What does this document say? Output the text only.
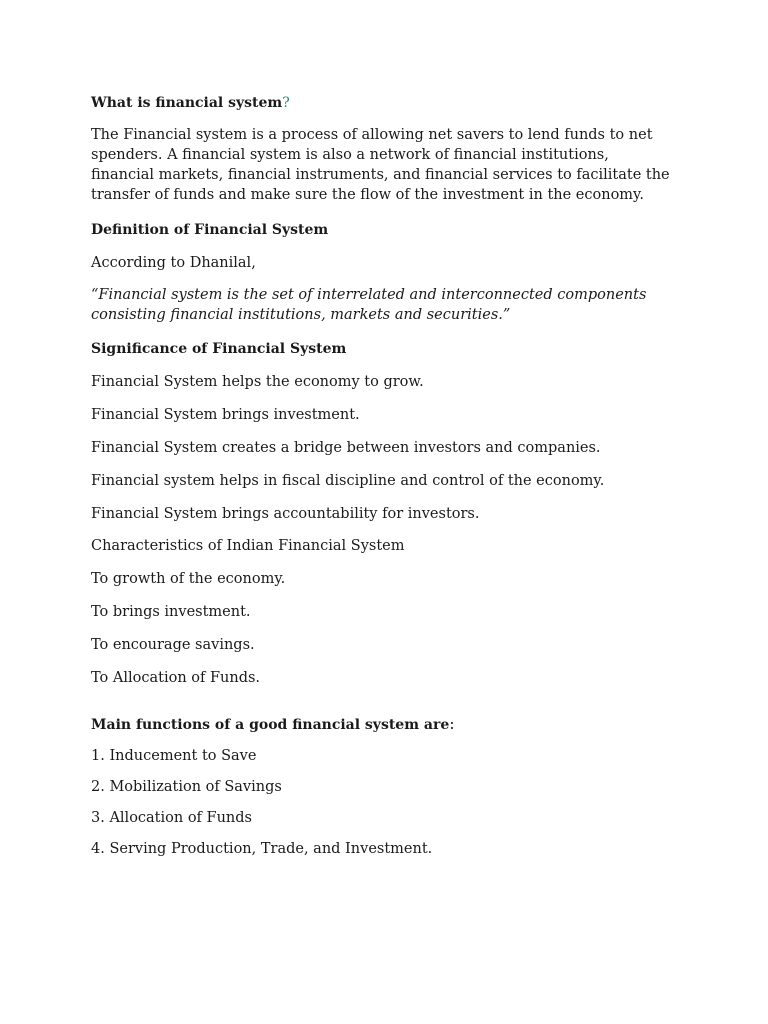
What is financial system?
The Financial system is a process of allowing net savers to lend funds to net
spenders. A financial system is also a network of financial institutions,
financial markets, financial instruments, and financial services to facilitate the
transfer of funds and make sure the flow of the investment in the economy.
Definition of Financial System
According to Dhanilal,
“Financial system is the set of interrelated and interconnected components
consisting financial institutions, markets and securities.”
Significance of Financial System
Financial System helps the economy to grow.
Financial System brings investment.
Financial System creates a bridge between investors and companies.
Financial system helps in fiscal discipline and control of the economy.
Financial System brings accountability for investors.
Characteristics of Indian Financial System
To growth of the economy.
To brings investment.
To encourage savings.
To Allocation of Funds.
Main functions of a good financial system are:
1. Inducement to Save
2. Mobilization of Savings
3. Allocation of Funds
4. Serving Production, Trade, and Investment.
